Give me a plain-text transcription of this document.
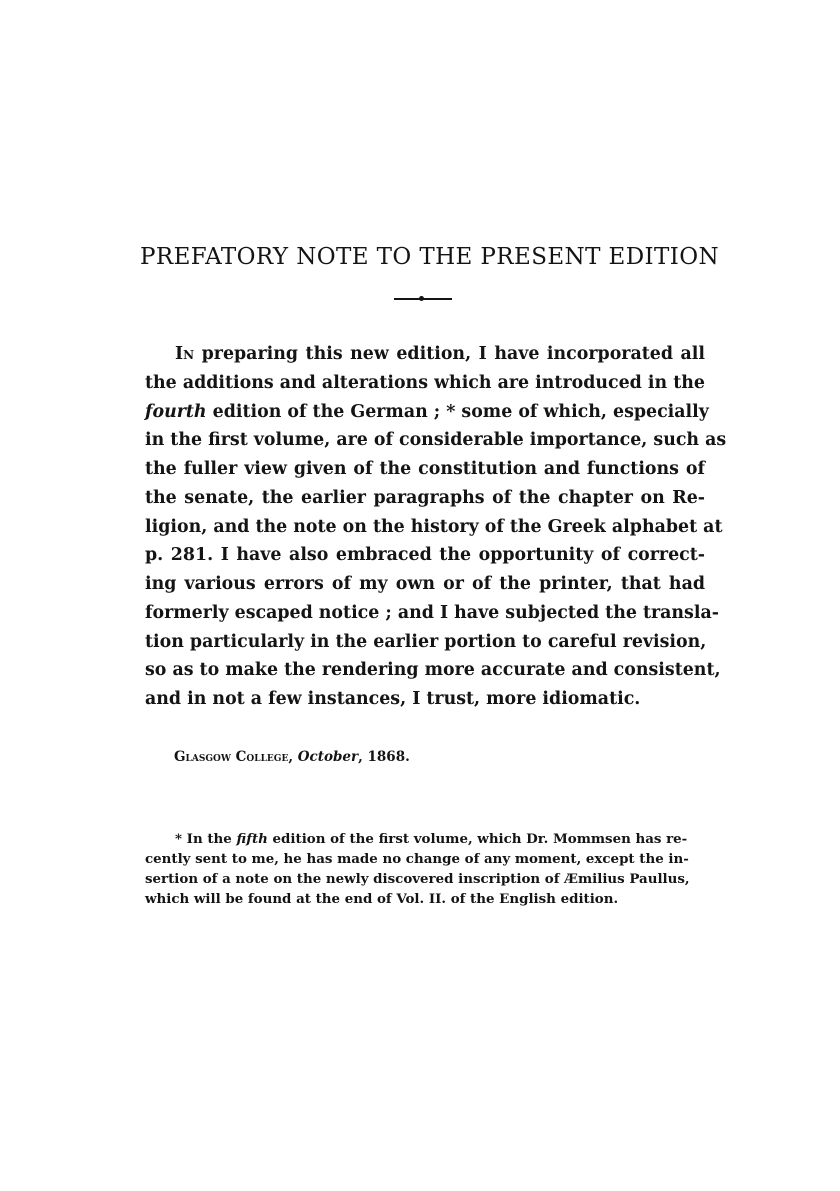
PREFATORY NOTE TO THE PRESENT EDITION
In preparing this new edition, I have incorporated all
the additions and alterations which are introduced in the
fourth edition of the German ; * some of which, especially
in the first volume, are of considerable importance, such as
the fuller view given of the constitution and functions of
the senate, the earlier paragraphs of the chapter on Re-
ligion, and the note on the history of the Greek alphabet at
p. 281. I have also embraced the opportunity of correct-
ing various errors of my own or of the printer, that had
formerly escaped notice ; and I have subjected the transla-
tion particularly in the earlier portion to careful revision,
so as to make the rendering more accurate and consistent,
and in not a few instances, I trust, more idiomatic.
Glasgow College, October, 1868.
* In the fifth edition of the first volume, which Dr. Mommsen has re-
cently sent to me, he has made no change of any moment, except the in-
sertion of a note on the newly discovered inscription of Æmilius Paullus,
which will be found at the end of Vol. II. of the English edition.
